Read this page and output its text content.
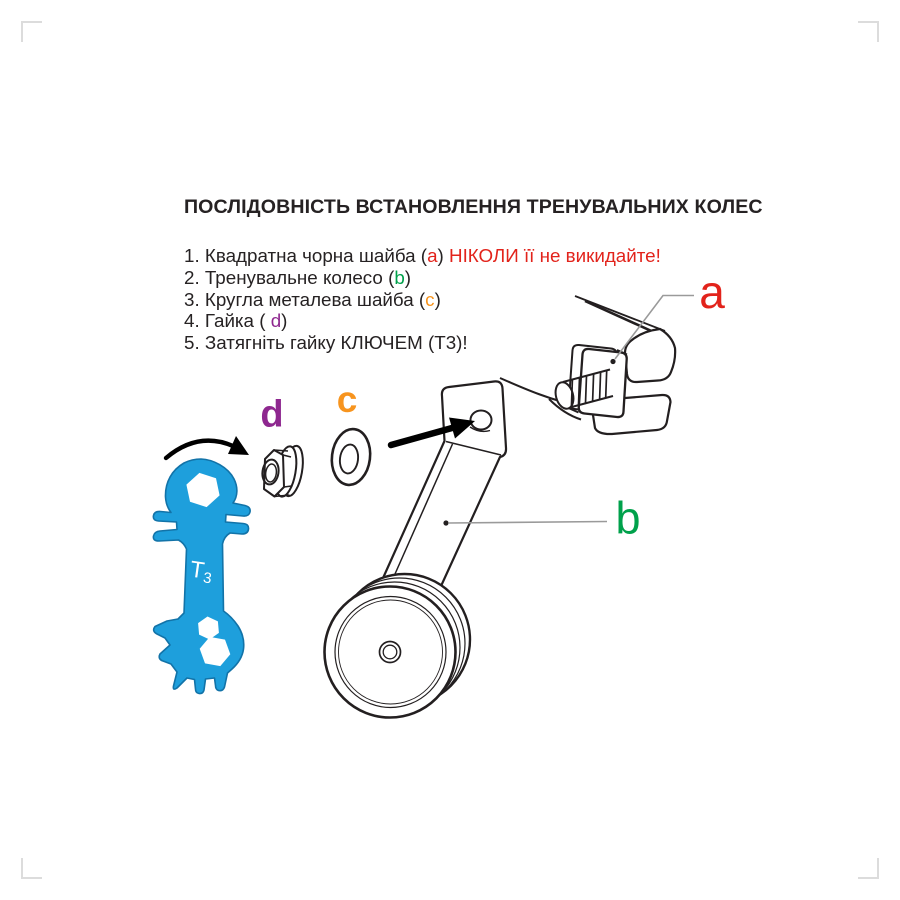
ПОСЛІДОВНІСТЬ ВСТАНОВЛЕННЯ ТРЕНУВАЛЬНИХ КОЛЕС
1. Квадратна чорна шайба (a) НІКОЛИ її не викидайте!
2. Тренувальне колесо (b)
3. Кругла металева шайба (c)
4. Гайка ( d)
5. Затягніть гайку КЛЮЧЕМ (Т3)!
a
b
c
d
$T_3$
